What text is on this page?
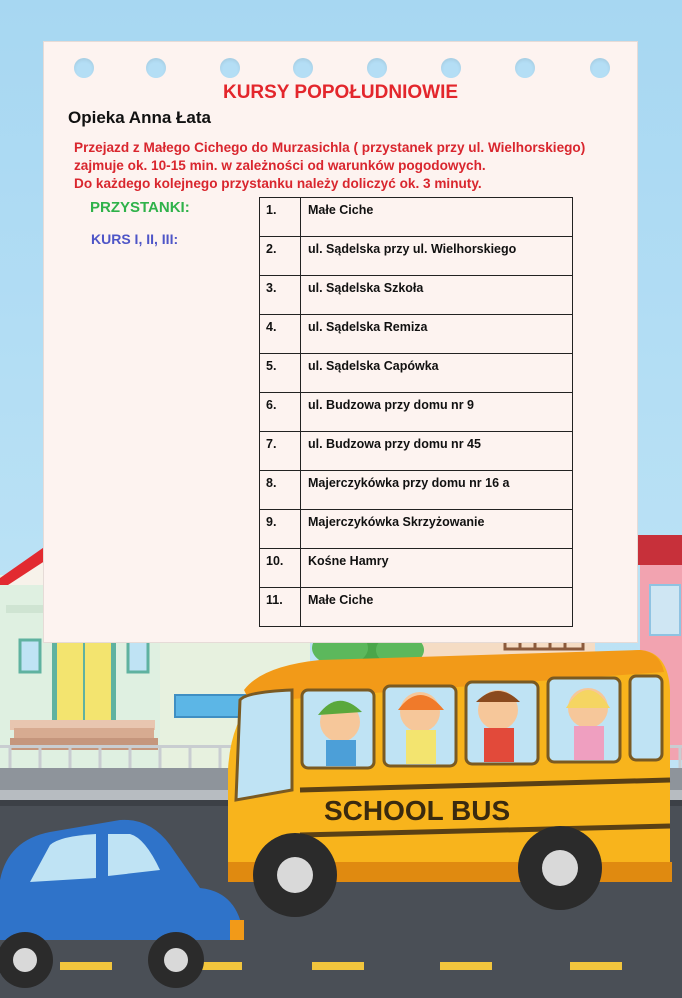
SCHOOL BUS
KURSY POPOŁUDNIOWIE
Opieka Anna Łata
Przejazd z Małego Cichego do Murzasichla ( przystanek przy ul. Wielhorskiego)
zajmuje ok. 10-15 min. w zależności od warunków pogodowych.
Do każdego kolejnego przystanku należy doliczyć ok. 3 minuty.
PRZYSTANKI:
KURS I, II, III:
1.	Małe Ciche
2.	ul. Sądelska przy ul. Wielhorskiego
3.	ul. Sądelska Szkoła
4.	ul. Sądelska Remiza
5.	ul. Sądelska Capówka
6.	ul. Budzowa przy domu nr 9
7.	ul. Budzowa przy domu nr 45
8.	Majerczykówka przy domu nr 16 a
9.	Majerczykówka Skrzyżowanie
10.	Kośne Hamry
11.	Małe Ciche
